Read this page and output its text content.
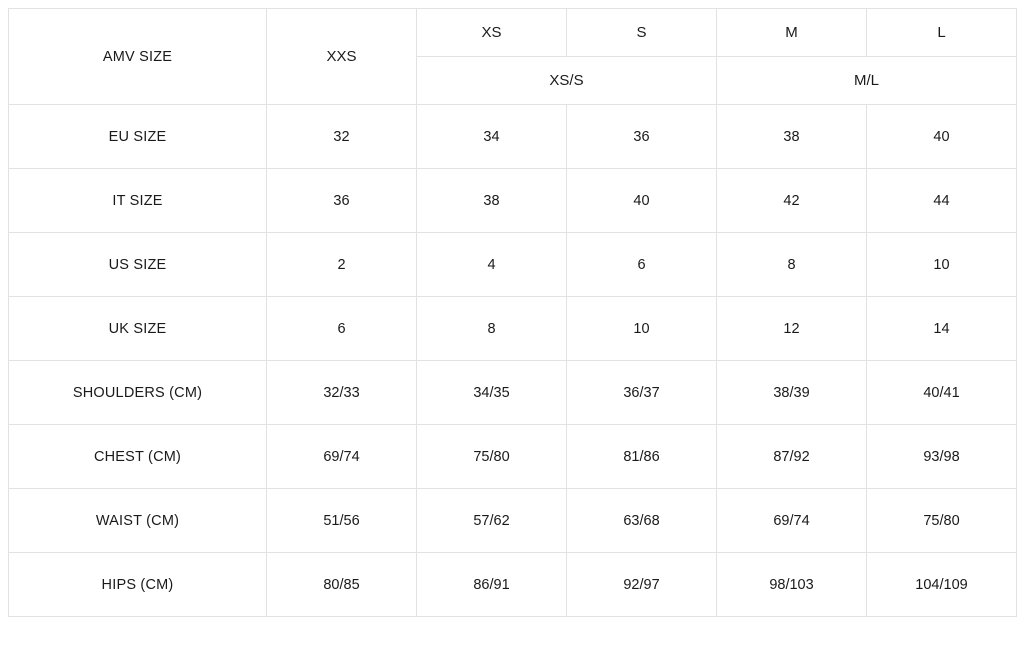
AMV SIZE	XXS	XS	S	M	L
		XS/S		M/L	
EU SIZE	32	34	36	38	40
IT SIZE	36	38	40	42	44
US SIZE	2	4	6	8	10
UK SIZE	6	8	10	12	14
SHOULDERS (CM)	32/33	34/35	36/37	38/39	40/41
CHEST (CM)	69/74	75/80	81/86	87/92	93/98
WAIST (CM)	51/56	57/62	63/68	69/74	75/80
HIPS (CM)	80/85	86/91	92/97	98/103	104/109
